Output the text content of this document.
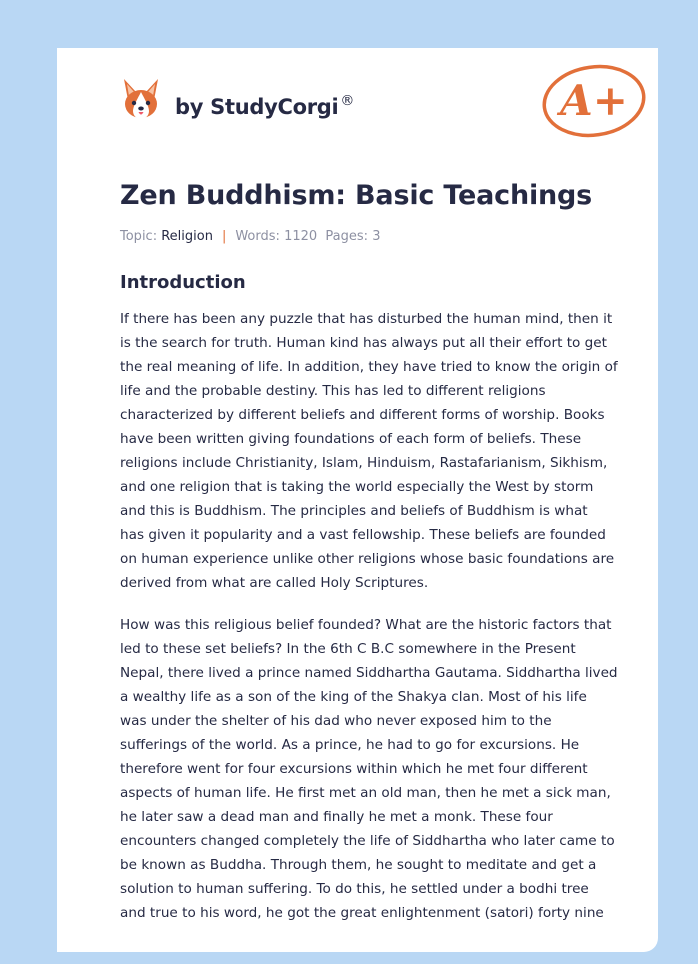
by StudyCorgi ®	A+
Zen Buddhism: Basic Teachings
Topic: Religion | Words: 1120 Pages: 3
Introduction

If there has been any puzzle that has disturbed the human mind, then it
is the search for truth. Human kind has always put all their effort to get
the real meaning of life. In addition, they have tried to know the origin of
life and the probable destiny. This has led to different religions
characterized by different beliefs and different forms of worship. Books
have been written giving foundations of each form of beliefs. These
religions include Christianity, Islam, Hinduism, Rastafarianism, Sikhism,
and one religion that is taking the world especially the West by storm
and this is Buddhism. The principles and beliefs of Buddhism is what
has given it popularity and a vast fellowship. These beliefs are founded
on human experience unlike other religions whose basic foundations are
derived from what are called Holy Scriptures.

How was this religious belief founded? What are the historic factors that
led to these set beliefs? In the 6th C B.C somewhere in the Present
Nepal, there lived a prince named Siddhartha Gautama. Siddhartha lived
a wealthy life as a son of the king of the Shakya clan. Most of his life
was under the shelter of his dad who never exposed him to the
sufferings of the world. As a prince, he had to go for excursions. He
therefore went for four excursions within which he met four different
aspects of human life. He first met an old man, then he met a sick man,
he later saw a dead man and finally he met a monk. These four
encounters changed completely the life of Siddhartha who later came to
be known as Buddha. Through them, he sought to meditate and get a
solution to human suffering. To do this, he settled under a bodhi tree
and true to his word, he got the great enlightenment (satori) forty nine
